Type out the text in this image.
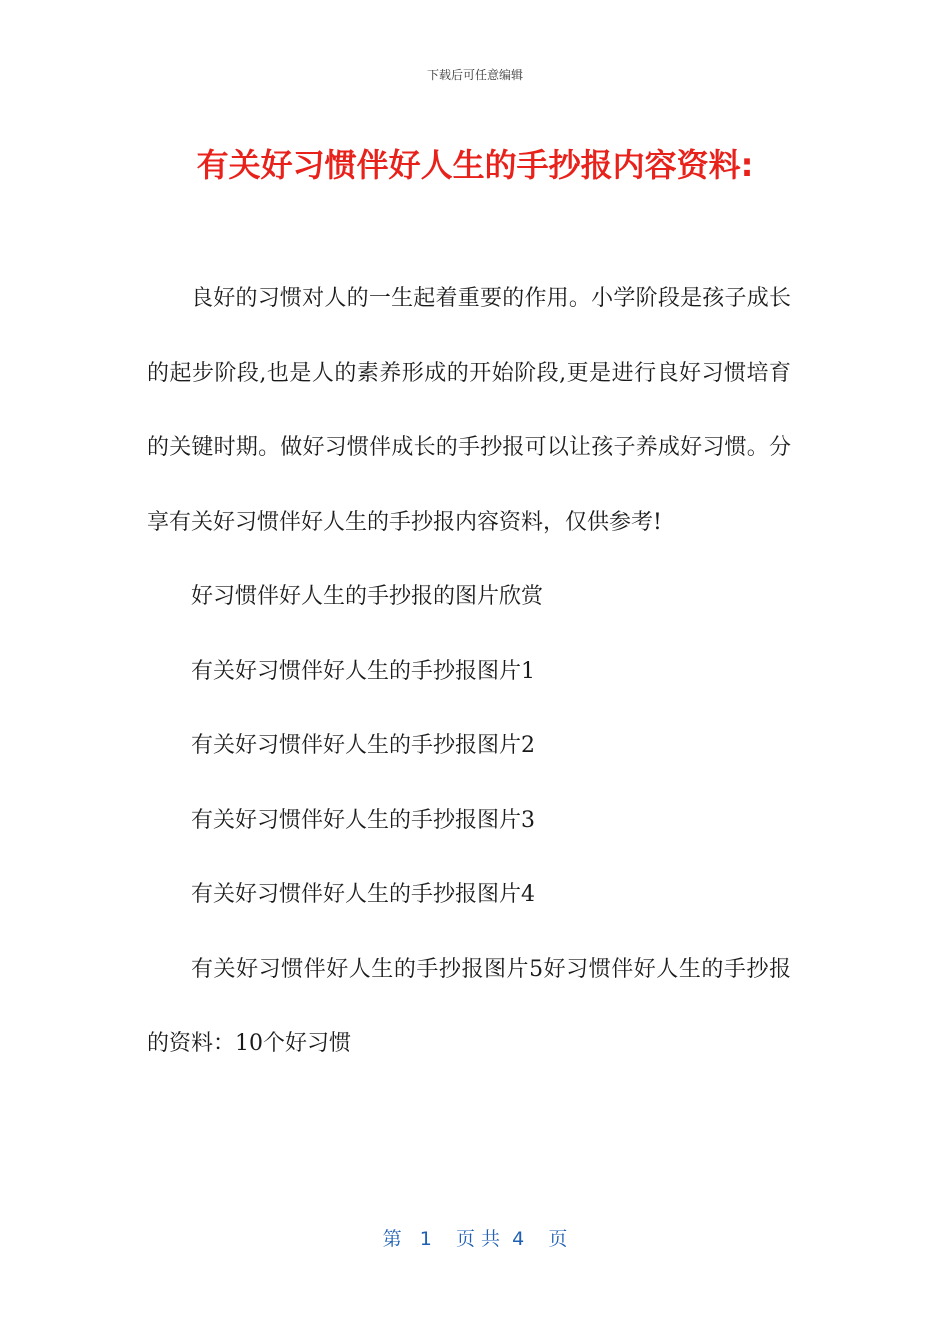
下载后可任意编辑
有关好习惯伴好人生的手抄报内容资料:

良好的习惯对人的一生起着重要的作用。小学阶段是孩子成长的起步阶段,也是人的素养形成的开始阶段,更是进行良好习惯培育的关键时期。做好习惯伴成长的手抄报可以让孩子养成好习惯。分享有关好习惯伴好人生的手抄报内容资料，仅供参考!

好习惯伴好人生的手抄报的图片欣赏

有关好习惯伴好人生的手抄报图片1

有关好习惯伴好人生的手抄报图片2

有关好习惯伴好人生的手抄报图片3

有关好习惯伴好人生的手抄报图片4

有关好习惯伴好人生的手抄报图片5好习惯伴好人生的手抄报的资料：10个好习惯

第   1    页 共  4    页
